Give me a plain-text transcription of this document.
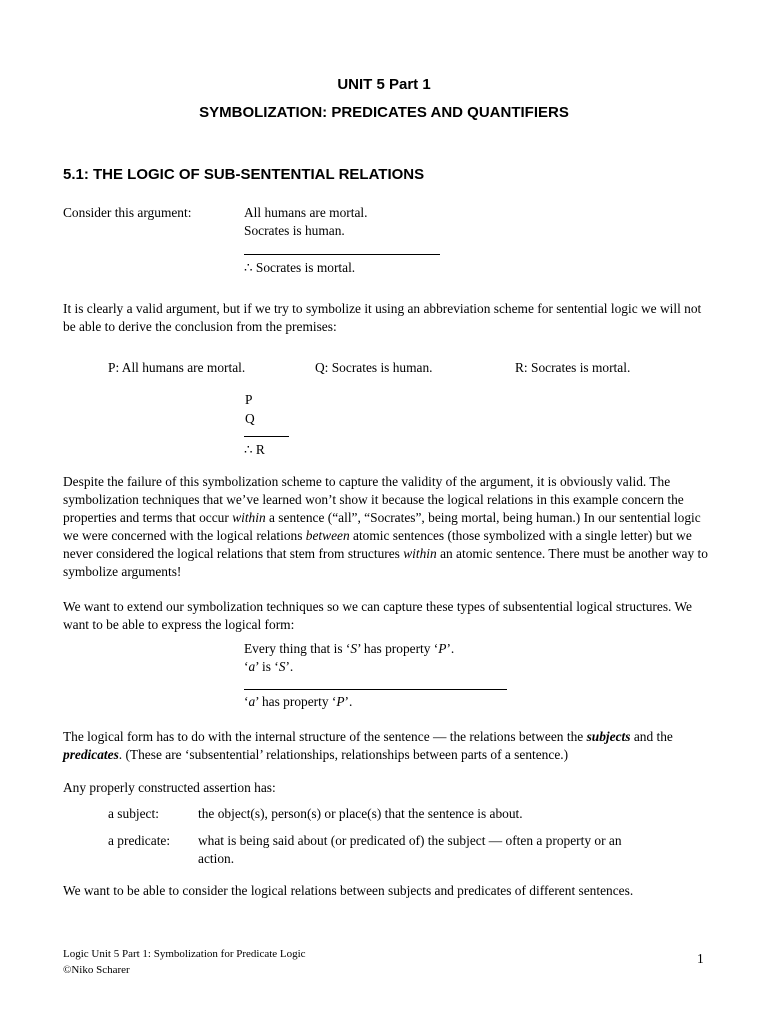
UNIT 5 Part 1
SYMBOLIZATION: PREDICATES AND QUANTIFIERS
5.1: THE LOGIC OF SUB-SENTENTIAL RELATIONS
Consider this argument:	All humans are mortal.
Socrates is human.
∴ Socrates is mortal.
It is clearly a valid argument, but if we try to symbolize it using an abbreviation scheme for sentential logic we will not be able to derive the conclusion from the premises:
P: All humans are mortal.	Q: Socrates is human.	R: Socrates is mortal.
P
Q
∴ R
Despite the failure of this symbolization scheme to capture the validity of the argument, it is obviously valid. The symbolization techniques that we’ve learned won’t show it because the logical relations in this example concern the properties and terms that occur within a sentence (“all”, “Socrates”, being mortal, being human.) In our sentential logic we were concerned with the logical relations between atomic sentences (those symbolized with a single letter) but we never considered the logical relations that stem from structures within an atomic sentence. There must be another way to symbolize arguments!
We want to extend our symbolization techniques so we can capture these types of subsentential logical structures. We want to be able to express the logical form:
Every thing that is ‘S’ has property ‘P’.
‘a’ is ‘S’.
‘a’ has property ‘P’.
The logical form has to do with the internal structure of the sentence — the relations between the subjects and the predicates. (These are ‘subsentential’ relationships, relationships between parts of a sentence.)
Any properly constructed assertion has:
a subject:	the object(s), person(s) or place(s) that the sentence is about.
a predicate: what is being said about (or predicated of) the subject — often a property or an
action.
We want to be able to consider the logical relations between subjects and predicates of different sentences.
Logic Unit 5 Part 1: Symbolization for Predicate Logic
©Niko Scharer
1
